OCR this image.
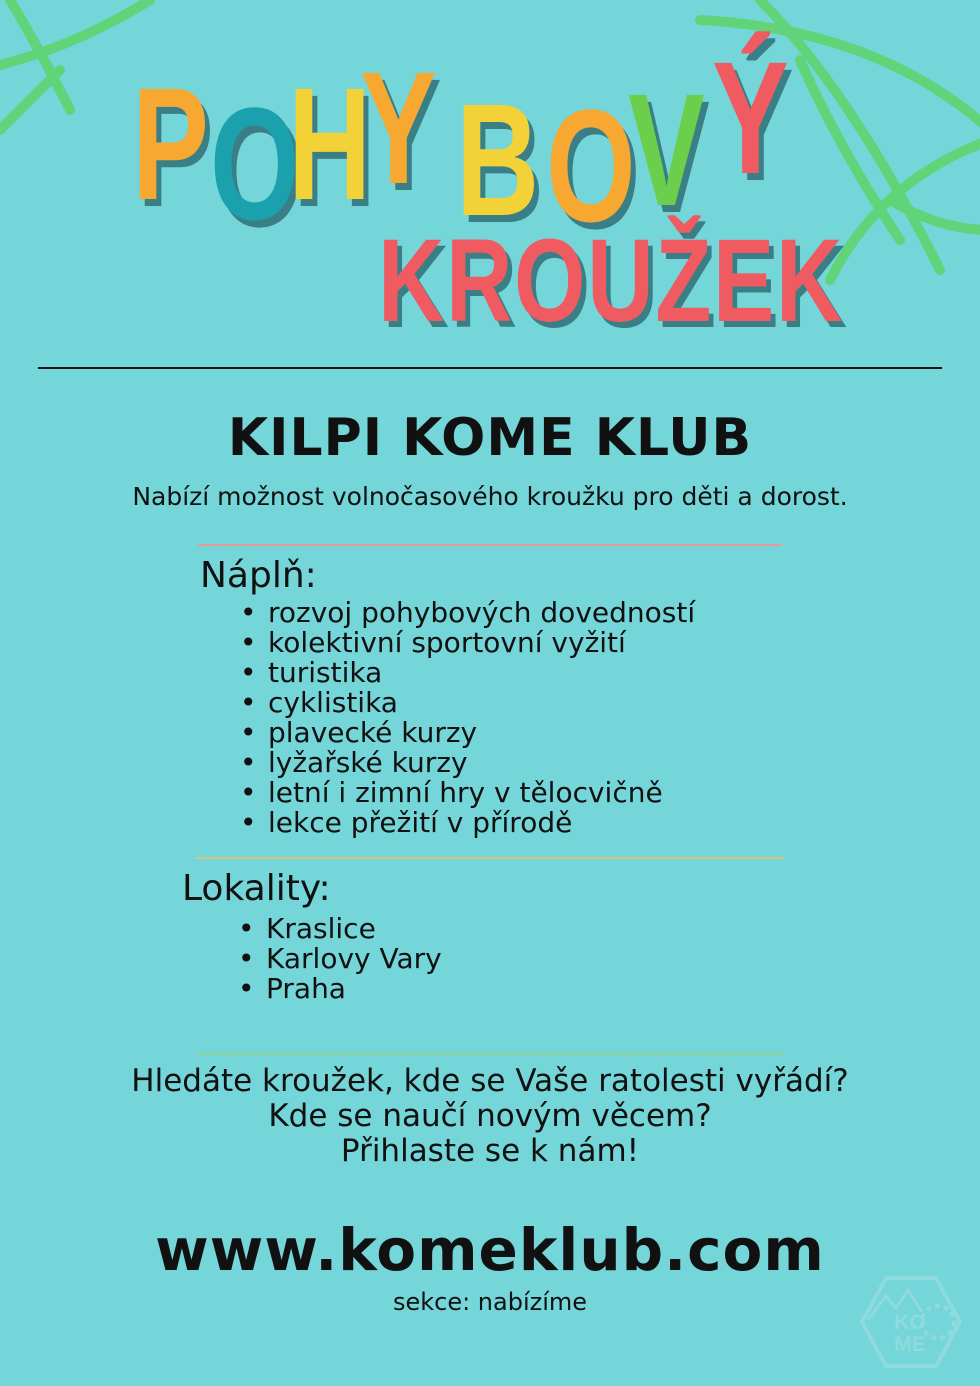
P O
H
Y B O
V Ý
KROUŽEK
KILPI KOME KLUB
Nabízí možnost volnočasového kroužku pro děti a dorost.
Náplň:
• rozvoj pohybových dovedností
• kolektivní sportovní vyžití
• turistika
• cyklistika
• plavecké kurzy
• lyžařské kurzy
• letní i zimní hry v tělocvičně
• lekce přežití v přírodě
Lokality:
• Kraslice
• Karlovy Vary
• Praha
Hledáte kroužek, kde se Vaše ratolesti vyřádí?
Kde se naučí novým věcem?
Přihlaste se k nám!
www.komeklub.com
sekce: nabízíme
KO
ME
